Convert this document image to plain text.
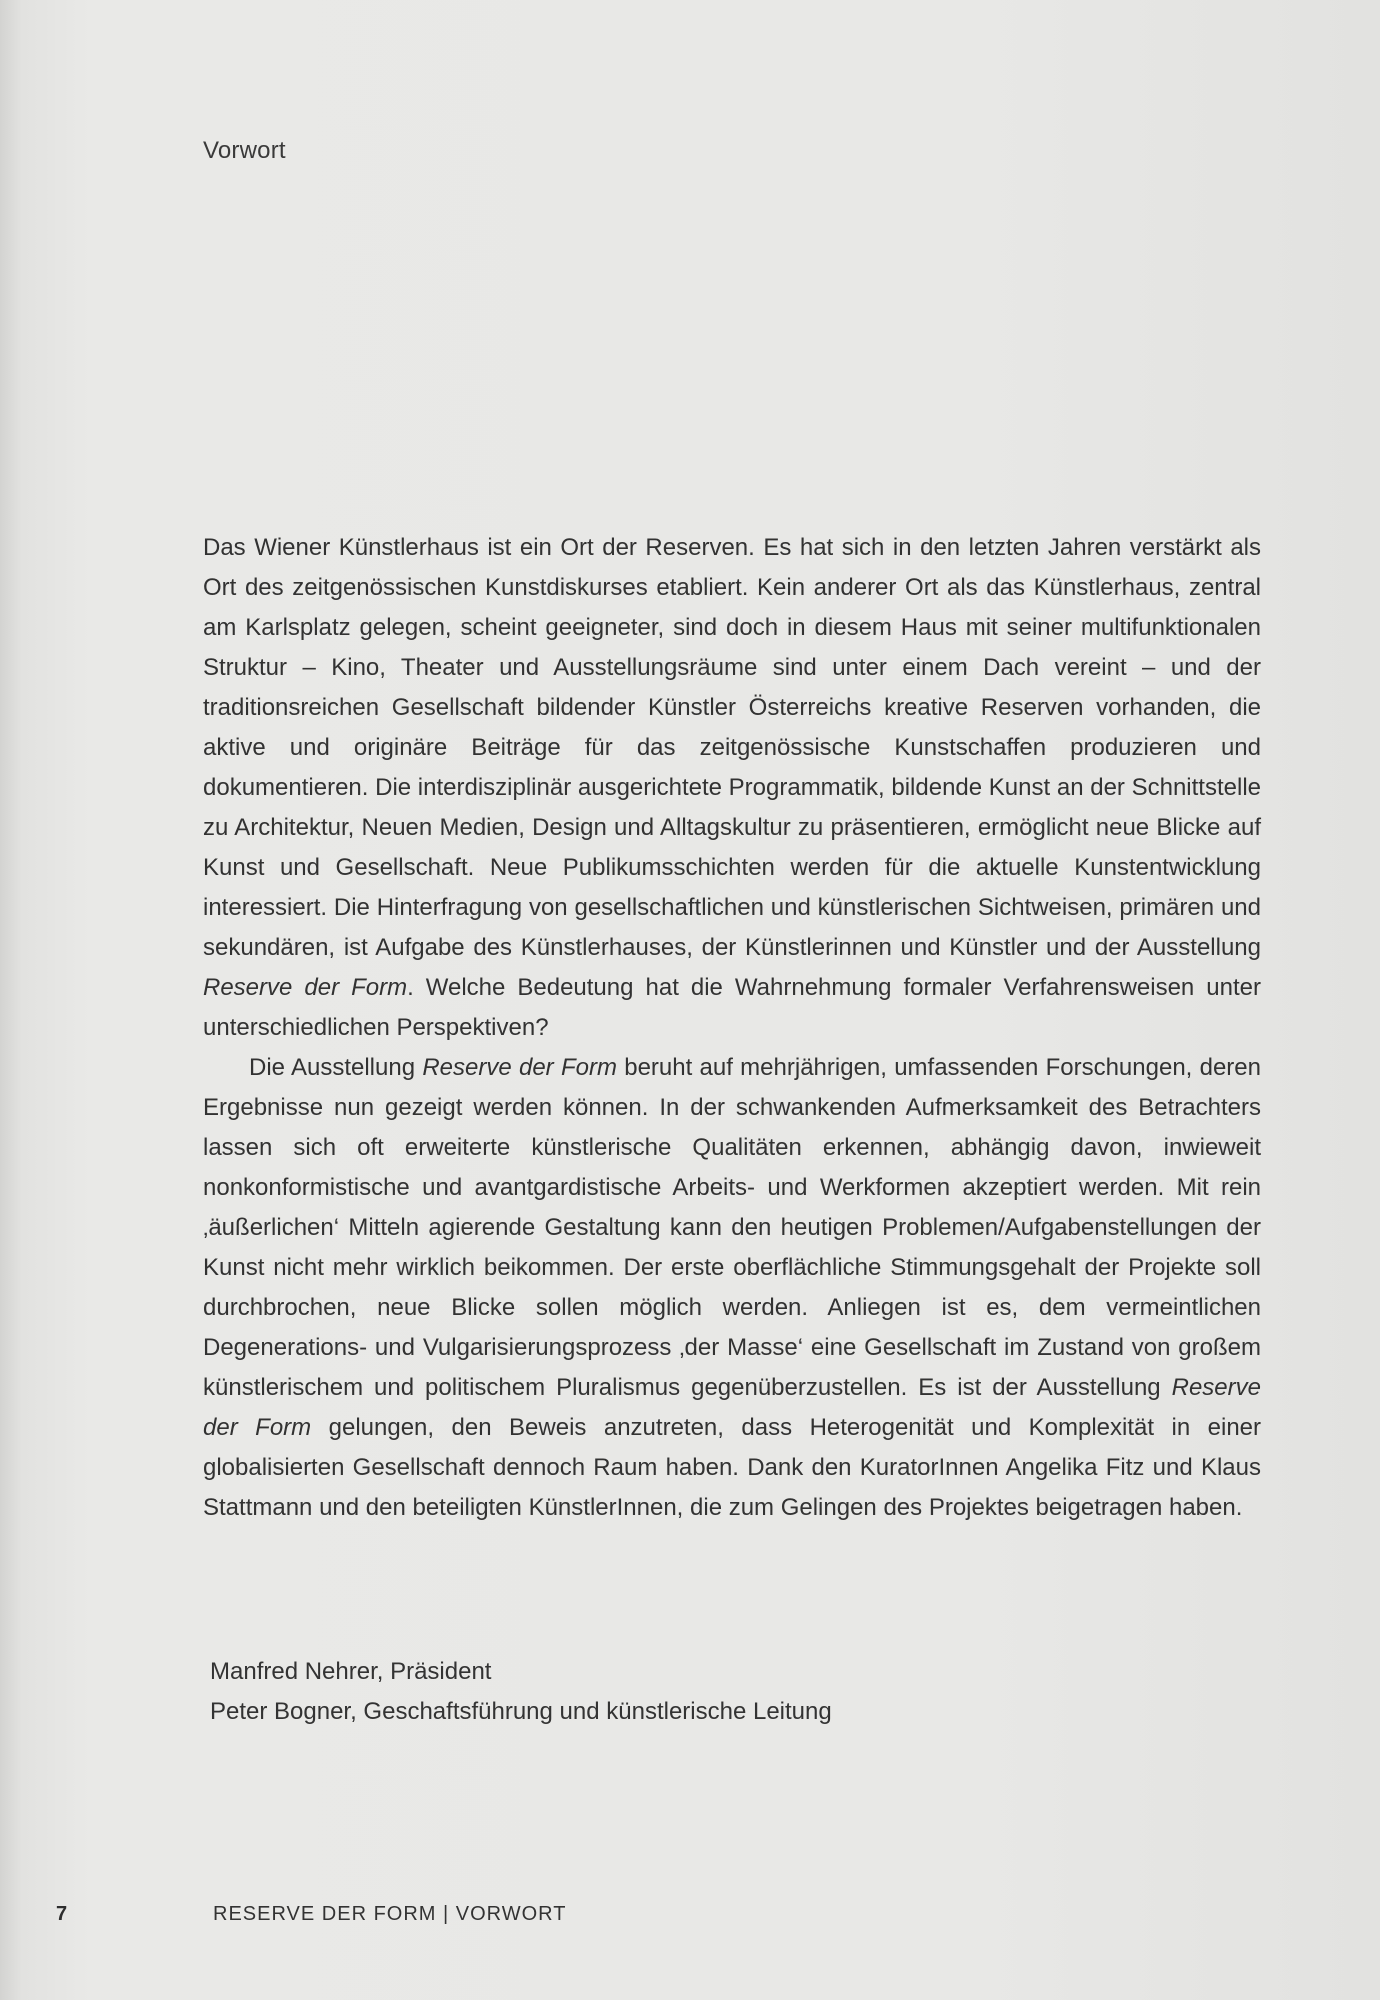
Vorwort

Das Wiener Künstlerhaus ist ein Ort der Reserven. Es hat sich in den letzten Jahren verstärkt als Ort des zeitgenössischen Kunstdiskurses etabliert. Kein anderer Ort als das Künstlerhaus, zentral am Karlsplatz gelegen, scheint geeigneter, sind doch in diesem Haus mit seiner multifunktionalen Struktur – Kino, Theater und Ausstellungsräume sind unter einem Dach vereint – und der traditionsreichen Gesellschaft bildender Künstler Österreichs kreative Reserven vorhanden, die aktive und originäre Beiträge für das zeitgenössische Kunstschaffen produzieren und dokumentieren. Die interdisziplinär ausgerichtete Programmatik, bildende Kunst an der Schnittstelle zu Architektur, Neuen Medien, Design und Alltagskultur zu präsentieren, ermöglicht neue Blicke auf Kunst und Gesellschaft. Neue Publikumsschichten werden für die aktuelle Kunstentwicklung interessiert. Die Hinterfragung von gesellschaftlichen und künstlerischen Sichtweisen, primären und sekundären, ist Aufgabe des Künstlerhauses, der Künstlerinnen und Künstler und der Ausstellung Reserve der Form. Welche Bedeutung hat die Wahrnehmung formaler Verfahrensweisen unter unterschiedlichen Perspektiven?

Die Ausstellung Reserve der Form beruht auf mehrjährigen, umfassenden Forschungen, deren Ergebnisse nun gezeigt werden können. In der schwankenden Aufmerksamkeit des Betrachters lassen sich oft erweiterte künstlerische Qualitäten erkennen, abhängig davon, inwieweit nonkonformistische und avantgardistische Arbeits- und Werkformen akzeptiert werden. Mit rein ‚äußerlichen‘ Mitteln agierende Gestaltung kann den heutigen Problemen/Aufgabenstellungen der Kunst nicht mehr wirklich beikommen. Der erste oberflächliche Stimmungsgehalt der Projekte soll durchbrochen, neue Blicke sollen möglich werden. Anliegen ist es, dem vermeintlichen Degenerations- und Vulgarisierungsprozess ‚der Masse‘ eine Gesellschaft im Zustand von großem künstlerischem und politischem Pluralismus gegenüberzustellen. Es ist der Ausstellung Reserve der Form gelungen, den Beweis anzutreten, dass Heterogenität und Komplexität in einer globalisierten Gesellschaft dennoch Raum haben. Dank den KuratorInnen Angelika Fitz und Klaus Stattmann und den beteiligten KünstlerInnen, die zum Gelingen des Projektes beigetragen haben.

Manfred Nehrer, Präsident
Peter Bogner, Geschaftsführung und künstlerische Leitung
7	RESERVE DER FORM | VORWORT
